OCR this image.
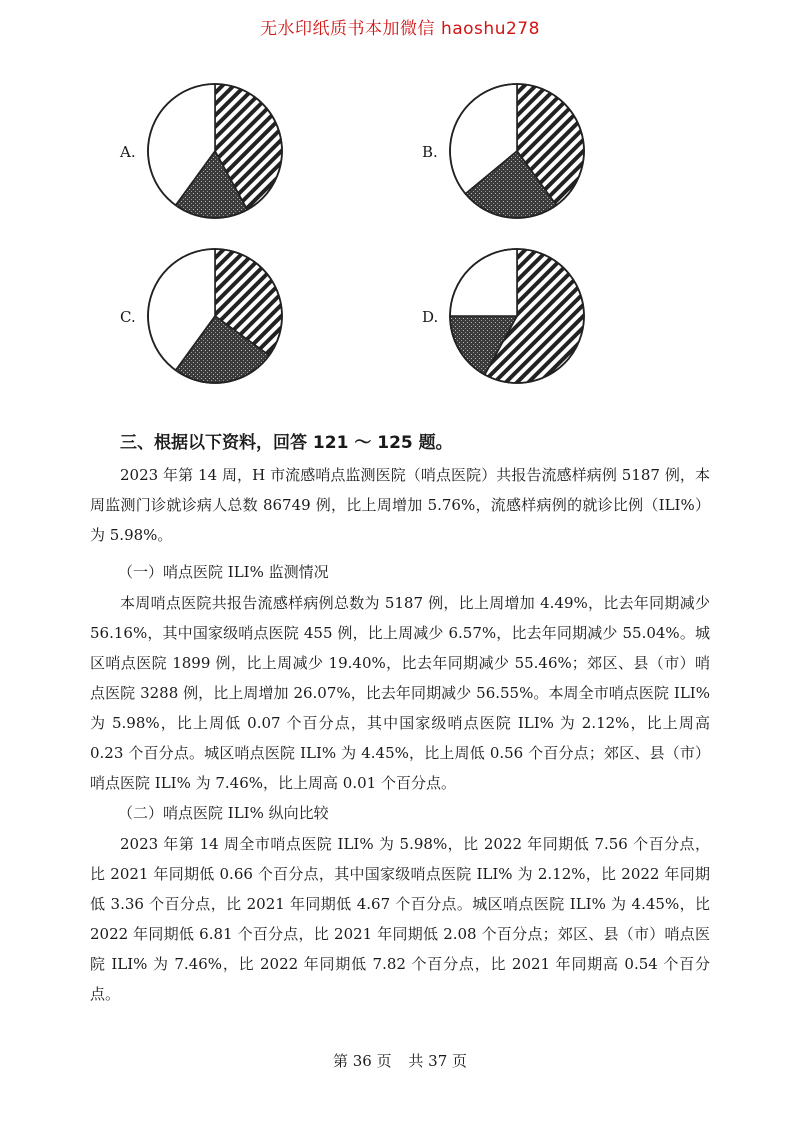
无水印纸质书本加微信 haoshu278
A.	B.
C.	D.
三、根据以下资料，回答 121 ～ 125 题。

2023 年第 14 周，H 市流感哨点监测医院（哨点医院）共报告流感样病例 5187 例，本周监测门诊就诊病人总数 86749 例，比上周增加 5.76%，流感样病例的就诊比例（ILI%）为 5.98%。

（一）哨点医院 ILI% 监测情况

本周哨点医院共报告流感样病例总数为 5187 例，比上周增加 4.49%，比去年同期减少 56.16%，其中国家级哨点医院 455 例，比上周减少 6.57%，比去年同期减少 55.04%。城区哨点医院 1899 例，比上周减少 19.40%，比去年同期减少 55.46%；郊区、县（市）哨点医院 3288 例，比上周增加 26.07%，比去年同期减少 56.55%。本周全市哨点医院 ILI% 为 5.98%，比上周低 0.07 个百分点，其中国家级哨点医院 ILI% 为 2.12%，比上周高 0.23 个百分点。城区哨点医院 ILI% 为 4.45%，比上周低 0.56 个百分点；郊区、县（市）哨点医院 ILI% 为 7.46%，比上周高 0.01 个百分点。

（二）哨点医院 ILI% 纵向比较

2023 年第 14 周全市哨点医院 ILI% 为 5.98%，比 2022 年同期低 7.56 个百分点，比 2021 年同期低 0.66 个百分点，其中国家级哨点医院 ILI% 为 2.12%，比 2022 年同期低 3.36 个百分点，比 2021 年同期低 4.67 个百分点。城区哨点医院 ILI% 为 4.45%，比 2022 年同期低 6.81 个百分点，比 2021 年同期低 2.08 个百分点；郊区、县（市）哨点医院 ILI% 为 7.46%，比 2022 年同期低 7.82 个百分点，比 2021 年同期高 0.54 个百分点。

第 36 页 共 37 页
